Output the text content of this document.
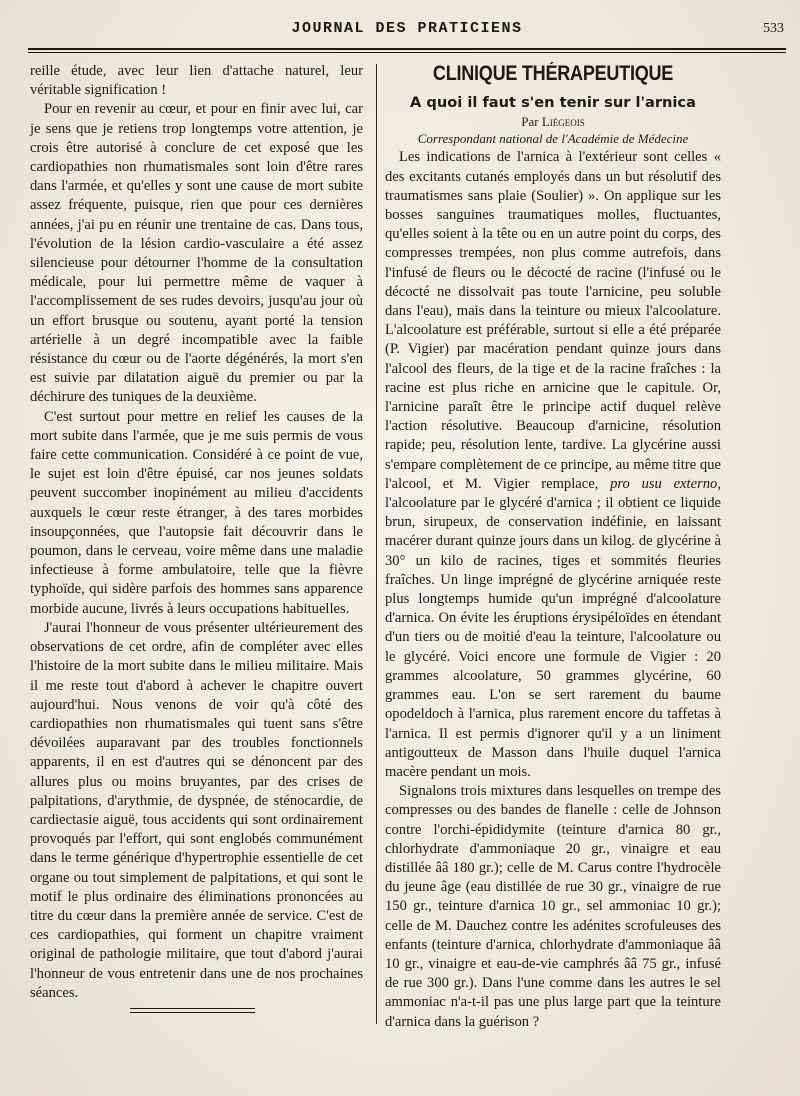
JOURNAL DES PRATICIENS	533

reille étude, avec leur lien d'attache naturel, leur véritable signification !

Pour en revenir au cœur, et pour en finir avec lui, car je sens que je retiens trop longtemps votre attention, je crois être autorisé à conclure de cet exposé que les cardiopathies non rhumatismales sont loin d'être rares dans l'armée, et qu'elles y sont une cause de mort subite assez fréquente, puisque, rien que pour ces dernières années, j'ai pu en réunir une trentaine de cas. Dans tous, l'évolution de la lésion cardio-vasculaire a été assez silencieuse pour détourner l'homme de la consultation médicale, pour lui permettre même de vaquer à l'accomplissement de ses rudes devoirs, jusqu'au jour où un effort brusque ou soutenu, ayant porté la tension artérielle à un degré incompatible avec la faible résistance du cœur ou de l'aorte dégénérés, la mort s'en est suivie par dilatation aiguë du premier ou par la déchirure des tuniques de la deuxième.

C'est surtout pour mettre en relief les causes de la mort subite dans l'armée, que je me suis permis de vous faire cette communication. Considéré à ce point de vue, le sujet est loin d'être épuisé, car nos jeunes soldats peuvent succomber inopinément au milieu d'accidents auxquels le cœur reste étranger, à des tares morbides insoupçonnées, que l'autopsie fait découvrir dans le poumon, dans le cerveau, voire même dans une maladie infectieuse à forme ambulatoire, telle que la fièvre typhoïde, qui sidère parfois des hommes sans apparence morbide aucune, livrés à leurs occupations habituelles.

J'aurai l'honneur de vous présenter ultérieurement des observations de cet ordre, afin de compléter avec elles l'histoire de la mort subite dans le milieu militaire. Mais il me reste tout d'abord à achever le chapitre ouvert aujourd'hui. Nous venons de voir qu'à côté des cardiopathies non rhumatismales qui tuent sans s'être dévoilées auparavant par des troubles fonctionnels apparents, il en est d'autres qui se dénoncent par des allures plus ou moins bruyantes, par des crises de palpitations, d'arythmie, de dyspnée, de sténocardie, de cardiectasie aiguë, tous accidents qui sont ordinairement provoqués par l'effort, qui sont englobés communément dans le terme générique d'hypertrophie essentielle de cet organe ou tout simplement de palpitations, et qui sont le motif le plus ordinaire des éliminations prononcées au titre du cœur dans la première année de service. C'est de ces cardiopathies, qui forment un chapitre vraiment original de pathologie militaire, que tout d'abord j'aurai l'honneur de vous entretenir dans une de nos prochaines séances.

CLINIQUE THÉRAPEUTIQUE
A quoi il faut s'en tenir sur l'arnica
Par Liégeois
Correspondant national de l'Académie de Médecine

Les indications de l'arnica à l'extérieur sont celles « des excitants cutanés employés dans un but résolutif des traumatismes sans plaie (Soulier) ». On applique sur les bosses sanguines traumatiques molles, fluctuantes, qu'elles soient à la tête ou en un autre point du corps, des compresses trempées, non plus comme autrefois, dans l'infusé de fleurs ou le décocté de racine (l'infusé ou le décocté ne dissolvait pas toute l'arnicine, peu soluble dans l'eau), mais dans la teinture ou mieux l'alcoolature. L'alcoolature est préférable, surtout si elle a été préparée (P. Vigier) par macération pendant quinze jours dans l'alcool des fleurs, de la tige et de la racine fraîches : la racine est plus riche en arnicine que le capitule. Or, l'arnicine paraît être le principe actif duquel relève l'action résolutive. Beaucoup d'arnicine, résolution rapide; peu, résolution lente, tardive. La glycérine aussi s'empare complètement de ce principe, au même titre que l'alcool, et M. Vigier remplace, pro usu externo, l'alcoolature par le glycéré d'arnica ; il obtient ce liquide brun, sirupeux, de conservation indéfinie, en laissant macérer durant quinze jours dans un kilog. de glycérine à 30° un kilo de racines, tiges et sommités fleuries fraîches. Un linge imprégné de glycérine arniquée reste plus longtemps humide qu'un imprégné d'alcoolature d'arnica. On évite les éruptions érysipéloïdes en étendant d'un tiers ou de moitié d'eau la teinture, l'alcoolature ou le glycéré. Voici encore une formule de Vigier : 20 grammes alcoolature, 50 grammes glycérine, 60 grammes eau. L'on se sert rarement du baume opodeldoch à l'arnica, plus rarement encore du taffetas à l'arnica. Il est permis d'ignorer qu'il y a un liniment antigoutteux de Masson dans l'huile duquel l'arnica macère pendant un mois.

Signalons trois mixtures dans lesquelles on trempe des compresses ou des bandes de flanelle : celle de Johnson contre l'orchi-épididymite (teinture d'arnica 80 gr., chlorhydrate d'ammoniaque 20 gr., vinaigre et eau distillée ââ 180 gr.); celle de M. Carus contre l'hydrocèle du jeune âge (eau distillée de rue 30 gr., vinaigre de rue 150 gr., teinture d'arnica 10 gr., sel ammoniac 10 gr.); celle de M. Dauchez contre les adénites scrofuleuses des enfants (teinture d'arnica, chlorhydrate d'ammoniaque ââ 10 gr., vinaigre et eau-de-vie camphrés ââ 75 gr., infusé de rue 300 gr.). Dans l'une comme dans les autres le sel ammoniac n'a-t-il pas une plus large part que la teinture d'arnica dans la guérison ?
